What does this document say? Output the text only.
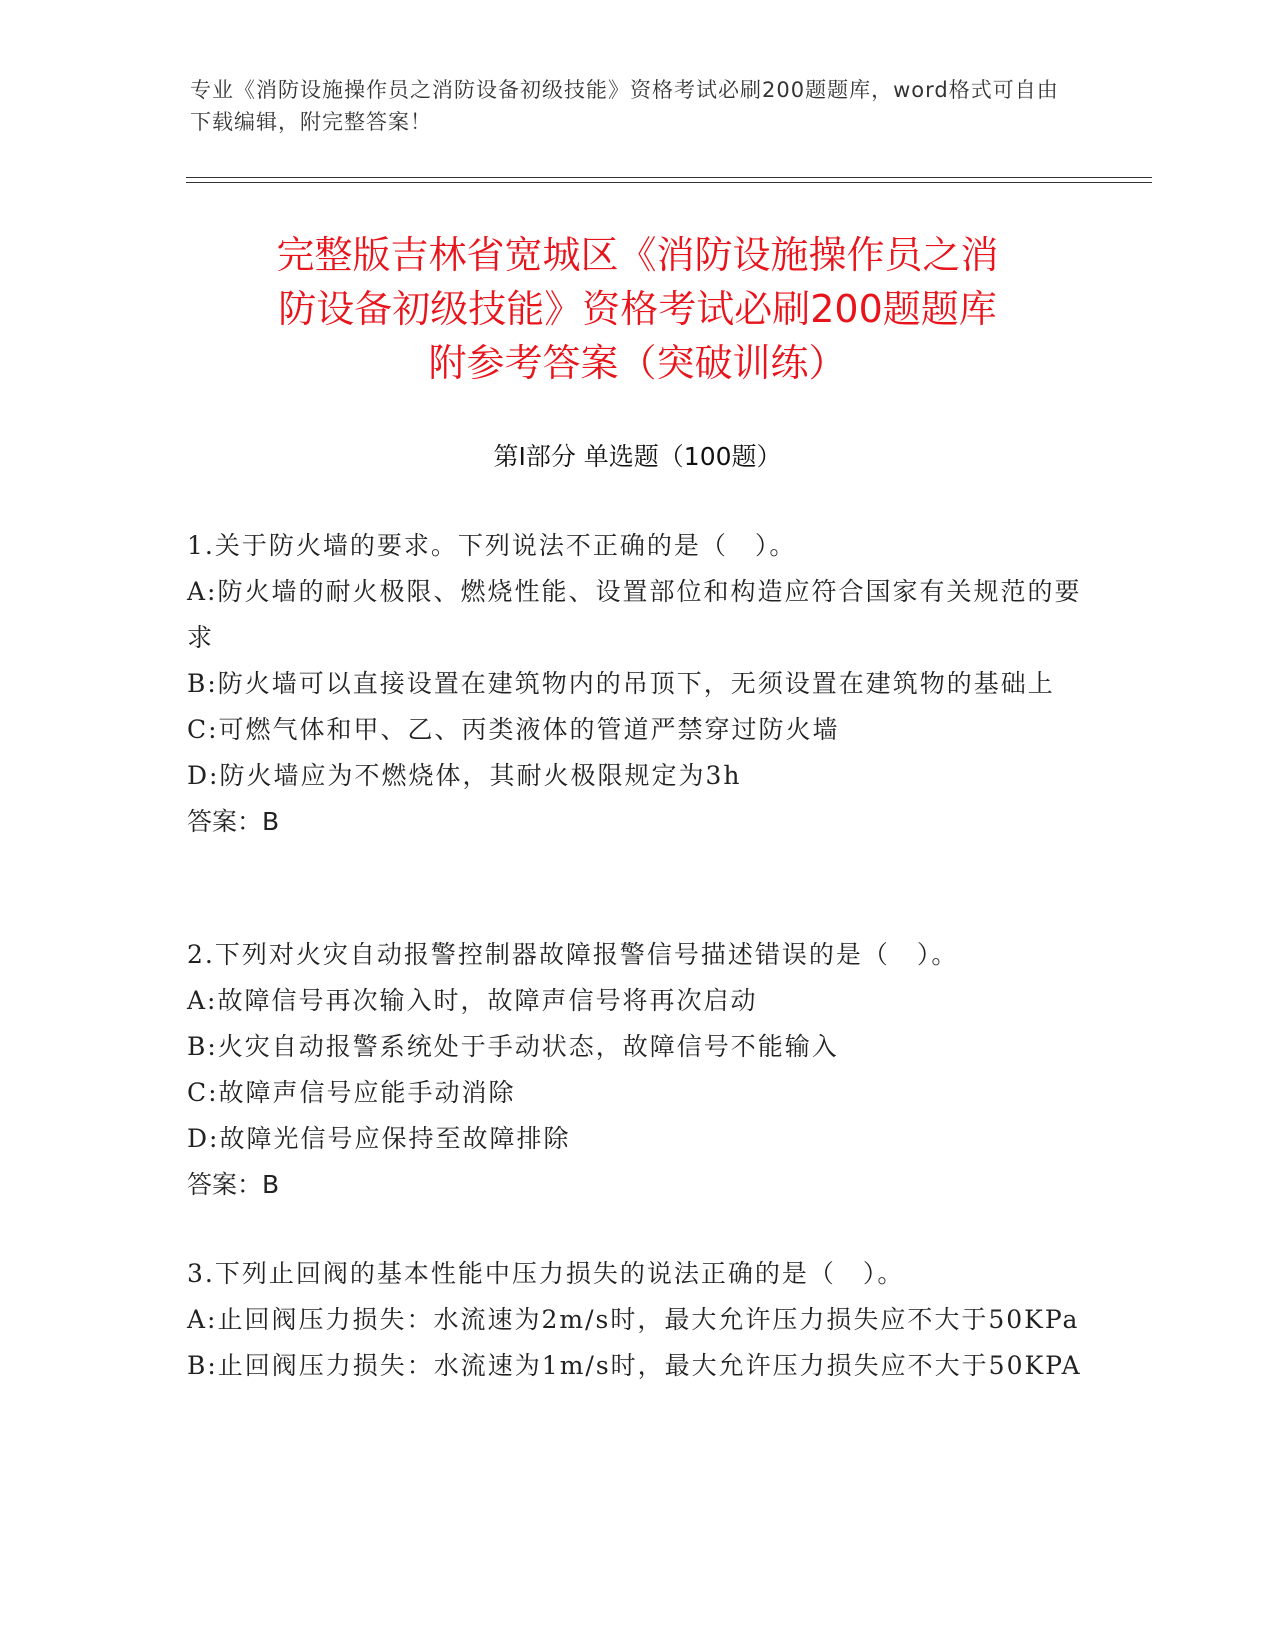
专业《消防设施操作员之消防设备初级技能》资格考试必刷200题题库，word格式可自由下载编辑，附完整答案！
完整版吉林省宽城区《消防设施操作员之消
防设备初级技能》资格考试必刷200题题库
附参考答案（突破训练）
第Ⅰ部分 单选题（100题）
1.关于防火墙的要求。下列说法不正确的是（　）。
A:防火墙的耐火极限、燃烧性能、设置部位和构造应符合国家有关规范的要求
B:防火墙可以直接设置在建筑物内的吊顶下，无须设置在建筑物的基础上
C:可燃气体和甲、乙、丙类液体的管道严禁穿过防火墙
D:防火墙应为不燃烧体，其耐火极限规定为3h
答案：B
2.下列对火灾自动报警控制器故障报警信号描述错误的是（　）。
A:故障信号再次输入时，故障声信号将再次启动
B:火灾自动报警系统处于手动状态，故障信号不能输入
C:故障声信号应能手动消除
D:故障光信号应保持至故障排除
答案：B
3.下列止回阀的基本性能中压力损失的说法正确的是（　）。
A:止回阀压力损失：水流速为2m/s时，最大允许压力损失应不大于50KPa
B:止回阀压力损失：水流速为1m/s时，最大允许压力损失应不大于50KPA
